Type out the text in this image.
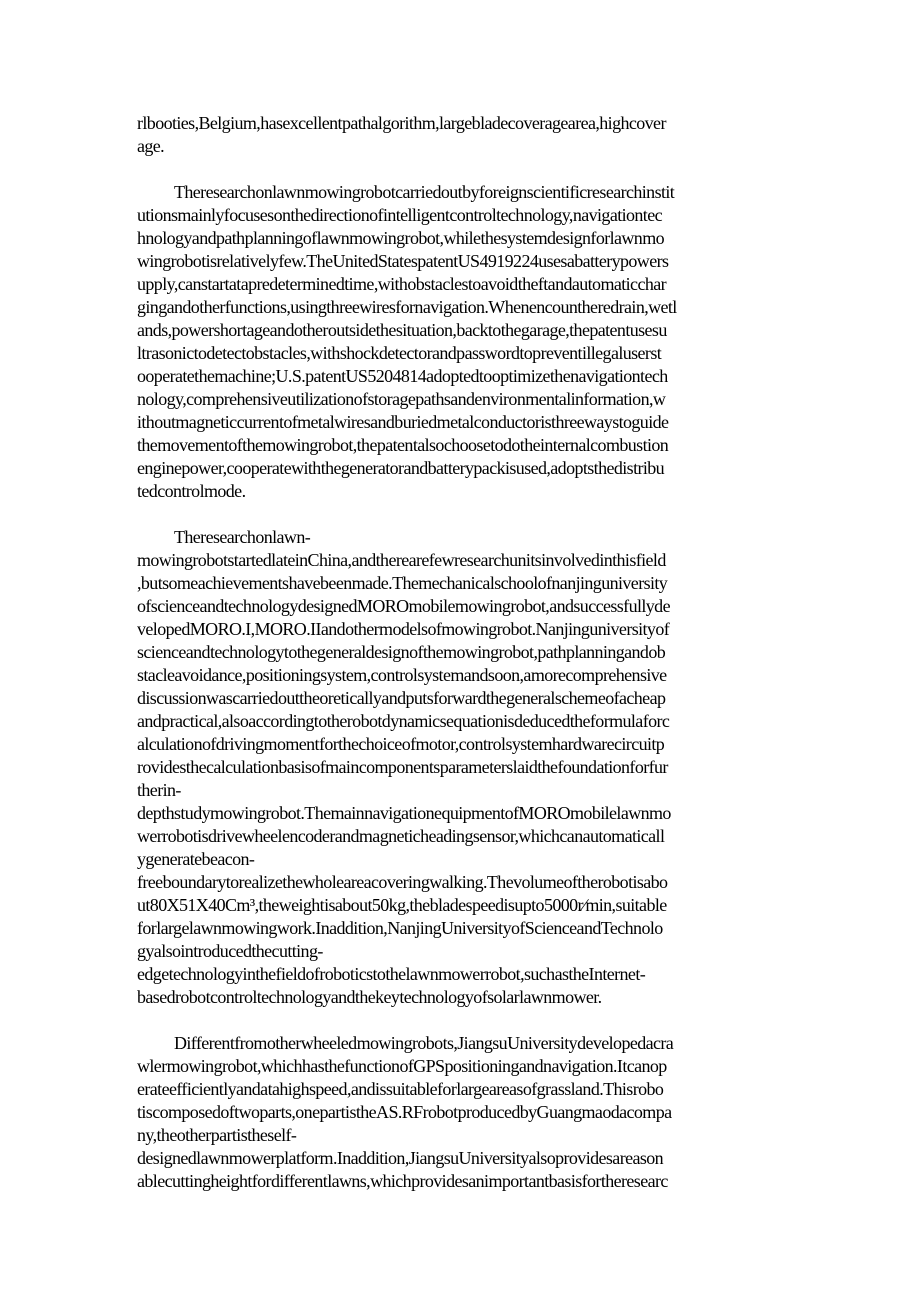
rlbooties,Belgium,hasexcellentpathalgorithm,largebladecoveragearea,highcover
age.
Theresearchonlawnmowingrobotcarriedoutbyforeignscientificresearchinstit
utionsmainlyfocusesonthedirectionofintelligentcontroltechnology,navigationtec
hnologyandpathplanningoflawnmowingrobot,whilethesystemdesignforlawnmo
wingrobotisrelativelyfew.TheUnitedStatespatentUS4919224usesabatterypowers
upply,canstartatapredeterminedtime,withobstaclestoavoidtheftandautomaticchar
gingandotherfunctions,usingthreewiresfornavigation.Whenencountheredrain,wetl
ands,powershortageandotheroutsidethesituation,backtothegarage,thepatentusesu
ltrasonictodetectobstacles,withshockdetectorandpasswordtopreventillegaluserst
ooperatethemachine;U.S.patentUS5204814adoptedtooptimizethenavigationtech
nology,comprehensiveutilizationofstoragepathsandenvironmentalinformation,w
ithoutmagneticcurrentofmetalwiresandburiedmetalconductoristhreewaystoguide
themovementofthemowingrobot,thepatentalsochoosetodotheinternalcombustion
enginepower,cooperatewiththegeneratorandbatterypackisused,adoptsthedistribu
tedcontrolmode.
Theresearchonlawn-
mowingrobotstartedlateinChina,andtherearefewresearchunitsinvolvedinthisfield
,butsomeachievementshavebeenmade.Themechanicalschoolofnanjinguniversity
ofscienceandtechnologydesignedMOROmobilemowingrobot,andsuccessfullyde
velopedMORO.I,MORO.IIandothermodelsofmowingrobot.Nanjinguniversityof
scienceandtechnologytothegeneraldesignofthemowingrobot,pathplanningandob
stacleavoidance,positioningsystem,controlsystemandsoon,amorecomprehensive
discussionwascarriedouttheoreticallyandputsforwardthegeneralschemeofacheap
andpractical,alsoaccordingtotherobotdynamicsequationisdeducedtheformulaforc
alculationofdrivingmomentforthechoiceofmotor,controlsystemhardwarecircuitp
rovidesthecalculationbasisofmaincomponentsparameterslaidthefoundationforfur
therin-
depthstudymowingrobot.ThemainnavigationequipmentofMOROmobilelawnmo
werrobotisdrivewheelencoderandmagneticheadingsensor,whichcanautomaticall
ygeneratebeacon-
freeboundarytorealizethewholeareacoveringwalking.Thevolumeoftherobotisabo
ut80X51X40Cm³,theweightisabout50kg,thebladespeedisupto5000r∕min,suitable
forlargelawnmowingwork.Inaddition,NanjingUniversityofScienceandTechnolo
gyalsointroducedthecutting-
edgetechnologyinthefieldofroboticstothelawnmowerrobot,suchastheInternet-
basedrobotcontroltechnologyandthekeytechnologyofsolarlawnmower.
Differentfromotherwheeledmowingrobots,JiangsuUniversitydevelopedacra
wlermowingrobot,whichhasthefunctionofGPSpositioningandnavigation.Itcanop
erateefficientlyandatahighspeed,andissuitableforlargeareasofgrassland.Thisrobo
tiscomposedoftwoparts,onepartistheAS.RFrobotproducedbyGuangmaodacompa
ny,theotherpartistheself-
designedlawnmowerplatform.Inaddition,JiangsuUniversityalsoprovidesareason
ablecuttingheightfordifferentlawns,whichprovidesanimportantbasisfortheresearc
